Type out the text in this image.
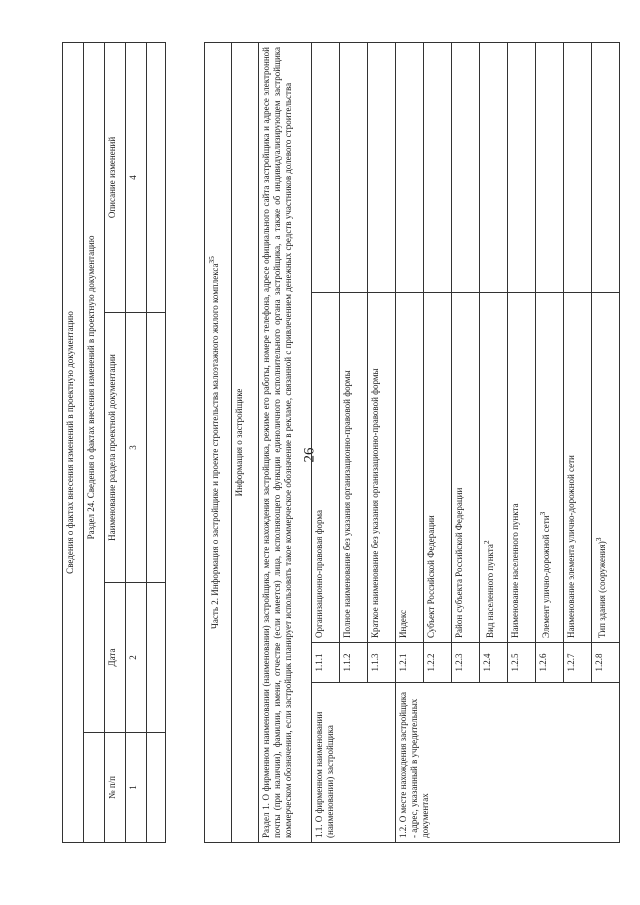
26
Сведения о фактах внесения изменений в проектную документацию			
	Раздел 24. Сведения о фактах внесения изменений в проектную документацию		
№ п/п	Дата	Наименование раздела проектной документации	Описание изменений
1	2	3	4

Часть 2. Информация о застройщике и проекте строительства малоэтажного жилого комплекса$^{35}$
Информация о застройщике			
Раздел 1. О фирменном наименовании (наименовании) застройщика, месте нахождения застройщика, режиме его работы, номере телефона, адресе официального сайта застройщика и адресе электронной почты (при наличии), фамилии, имени, отчестве (если имеется) лица, исполняющего функции единоличного исполнительного органа застройщика, а также об индивидуализирующем застройщика коммерческом обозначении, если застройщик планирует использовать такое коммерческое обозначение в рекламе, связанной с привлечением денежных средств участников долевого строительства			
1.1. О фирменном наименовании (наименовании) застройщика	1.1.1	Организационно-правовая форма	
	1.1.2	Полное наименование без указания организационно-правовой формы	
	1.1.3	Краткое наименование без указания организационно-правовой формы	
1.2. О месте нахождения застройщика - адрес, указанный в учредительных документах	1.2.1	Индекс	
	1.2.2	Субъект Российской Федерации	
	1.2.3	Район субъекта Российской Федерации	
	1.2.4	Вид населенного пункта$^2$	
	1.2.5	Наименование населенного пункта	
	1.2.6	Элемент улично-дорожной сети$^3$	
	1.2.7	Наименование элемента улично-дорожной сети	
	1.2.8	Тип здания (сооружения)$^3$	
